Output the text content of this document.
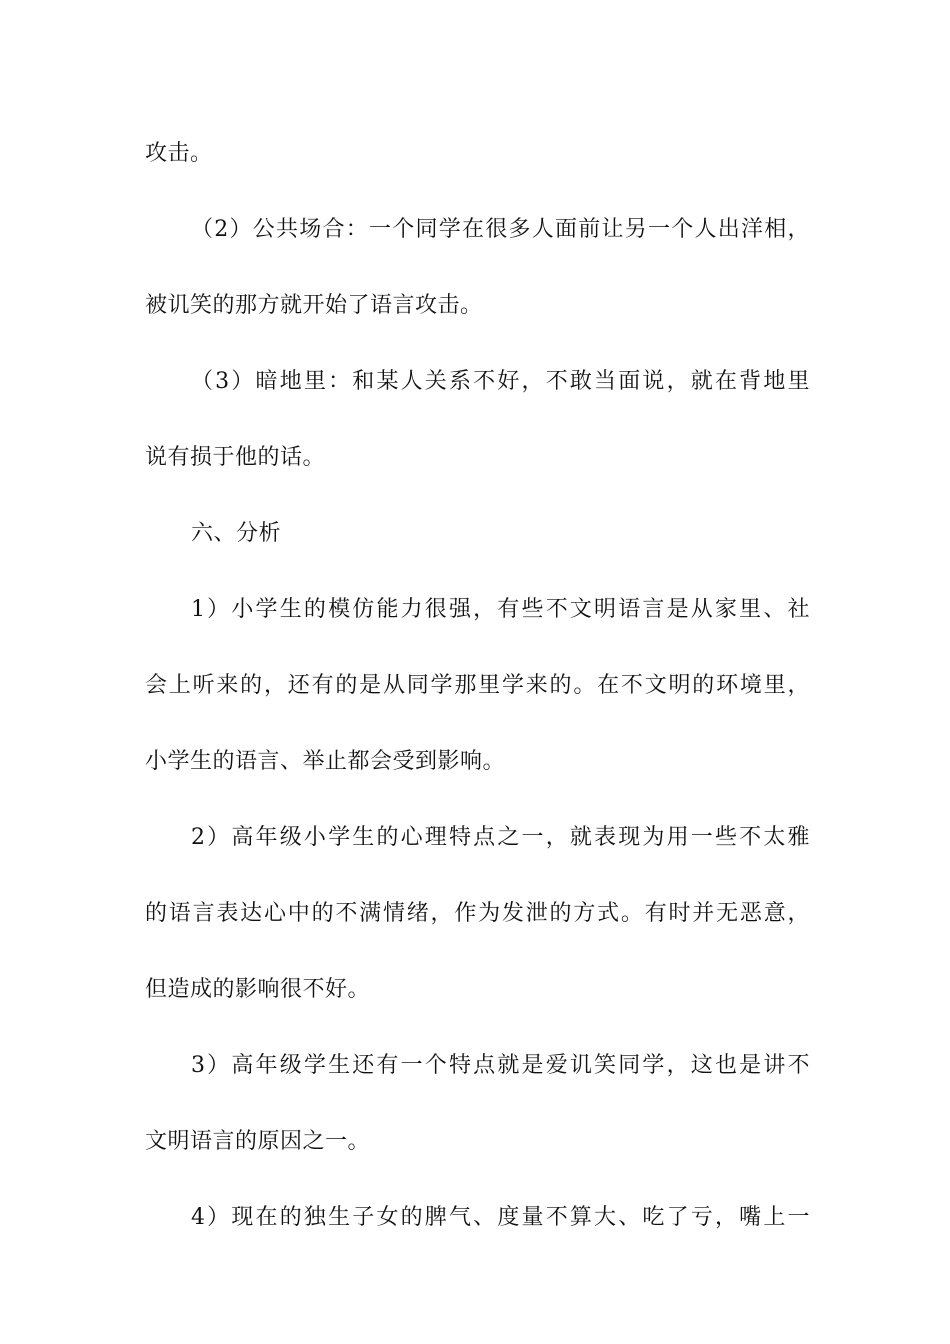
攻击。
（2）公共场合：一个同学在很多人面前让另一个人出洋相，
被讥笑的那方就开始了语言攻击。
（3）暗地里：和某人关系不好，不敢当面说，就在背地里
说有损于他的话。
六、分析
1）小学生的模仿能力很强，有些不文明语言是从家里、社
会上听来的，还有的是从同学那里学来的。在不文明的环境里，
小学生的语言、举止都会受到影响。
2）高年级小学生的心理特点之一，就表现为用一些不太雅
的语言表达心中的不满情绪，作为发泄的方式。有时并无恶意，
但造成的影响很不好。
3）高年级学生还有一个特点就是爱讥笑同学，这也是讲不
文明语言的原因之一。
4）现在的独生子女的脾气、度量不算大、吃了亏，嘴上一
